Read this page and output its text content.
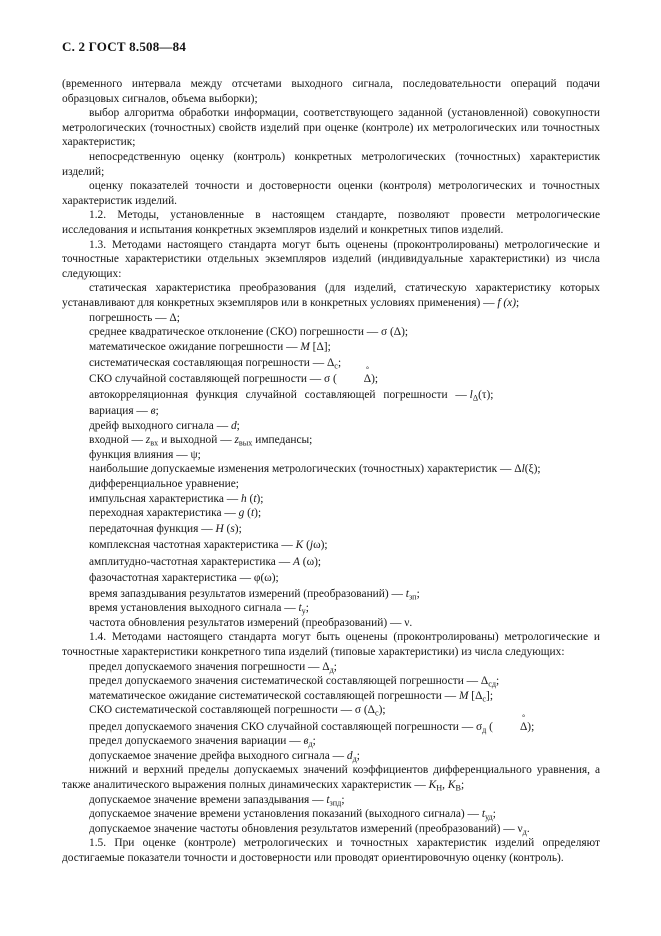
С. 2 ГОСТ 8.508—84

(временного интервала между отсчетами выходного сигнала, последовательности операций подачи образцовых сигналов, объема выборки);

выбор алгоритма обработки информации, соответствующего заданной (установленной) совокупности метрологических (точностных) свойств изделий при оценке (контроле) их метрологических или точностных характеристик;

непосредственную оценку (контроль) конкретных метрологических (точностных) характеристик изделий;

оценку показателей точности и достоверности оценки (контроля) метрологических и точностных характеристик изделий.

1.2. Методы, установленные в настоящем стандарте, позволяют провести метрологические исследования и испытания конкретных экземпляров изделий и конкретных типов изделий.

1.3. Методами настоящего стандарта могут быть оценены (проконтролированы) метрологические и точностные характеристики отдельных экземпляров изделий (индивидуальные характеристики) из числа следующих:

статическая характеристика преобразования (для изделий, статическую характеристику которых устанавливают для конкретных экземпляров или в конкретных условиях применения) — f (x);

погрешность — Δ;

среднее квадратическое отклонение (СКО) погрешности — σ (Δ);

математическое ожидание погрешности — M [Δ];

систематическая составляющая погрешности — $\Delta_с$;

СКО случайной составляющей погрешности — σ ( ° Δ);

автокорреляционная функция случайной составляющей погрешности — $l_\Delta(\tau)$;

вариация — в;

дрейф выходного сигнала — d;

входной — $z_{вх}$ и выходной — $z_{вых}$ импедансы;

функция влияния — ψ;

наибольшие допускаемые изменения метрологических (точностных) характеристик — Δl(ξ);

дифференциальное уравнение;

импульсная характеристика — h (t);

переходная характеристика — g (t);

передаточная функция — H (s);

комплексная частотная характеристика — K (jω);

амплитудно-частотная характеристика — A (ω);

фазочастотная характеристика — φ(ω);

время запаздывания результатов измерений (преобразований) — $t_{зп}$;

время установления выходного сигнала — $t_у$;

частота обновления результатов измерений (преобразований) — ν.

1.4. Методами настоящего стандарта могут быть оценены (проконтролированы) метрологические и точностные характеристики конкретного типа изделий (типовые характеристики) из числа следующих:

предел допускаемого значения погрешности — $\Delta_д$;

предел допускаемого значения систематической составляющей погрешности — $\Delta_{сд}$;

математическое ожидание систематической составляющей погрешности — M $[\Delta_с]$;

СКО систематической составляющей погрешности — σ $(\Delta_с)$;

предел допускаемого значения СКО случайной составляющей погрешности — $\sigma_д$ ( ° Δ);

предел допускаемого значения вариации — $в_д$;

допускаемое значение дрейфа выходного сигнала — $d_д$;

нижний и верхний пределы допускаемых значений коэффициентов дифференциального уравнения, а также аналитического выражения полных динамических характеристик — $K_Н$, $K_В$;

допускаемое значение времени запаздывания — $t_{зпд}$;

допускаемое значение времени установления показаний (выходного сигнала) — $t_{уд}$;

допускаемое значение частоты обновления результатов измерений (преобразований) — $\nu_д$.

1.5. При оценке (контроле) метрологических и точностных характеристик изделий определяют достигаемые показатели точности и достоверности или проводят ориентировочную оценку (контроль).
